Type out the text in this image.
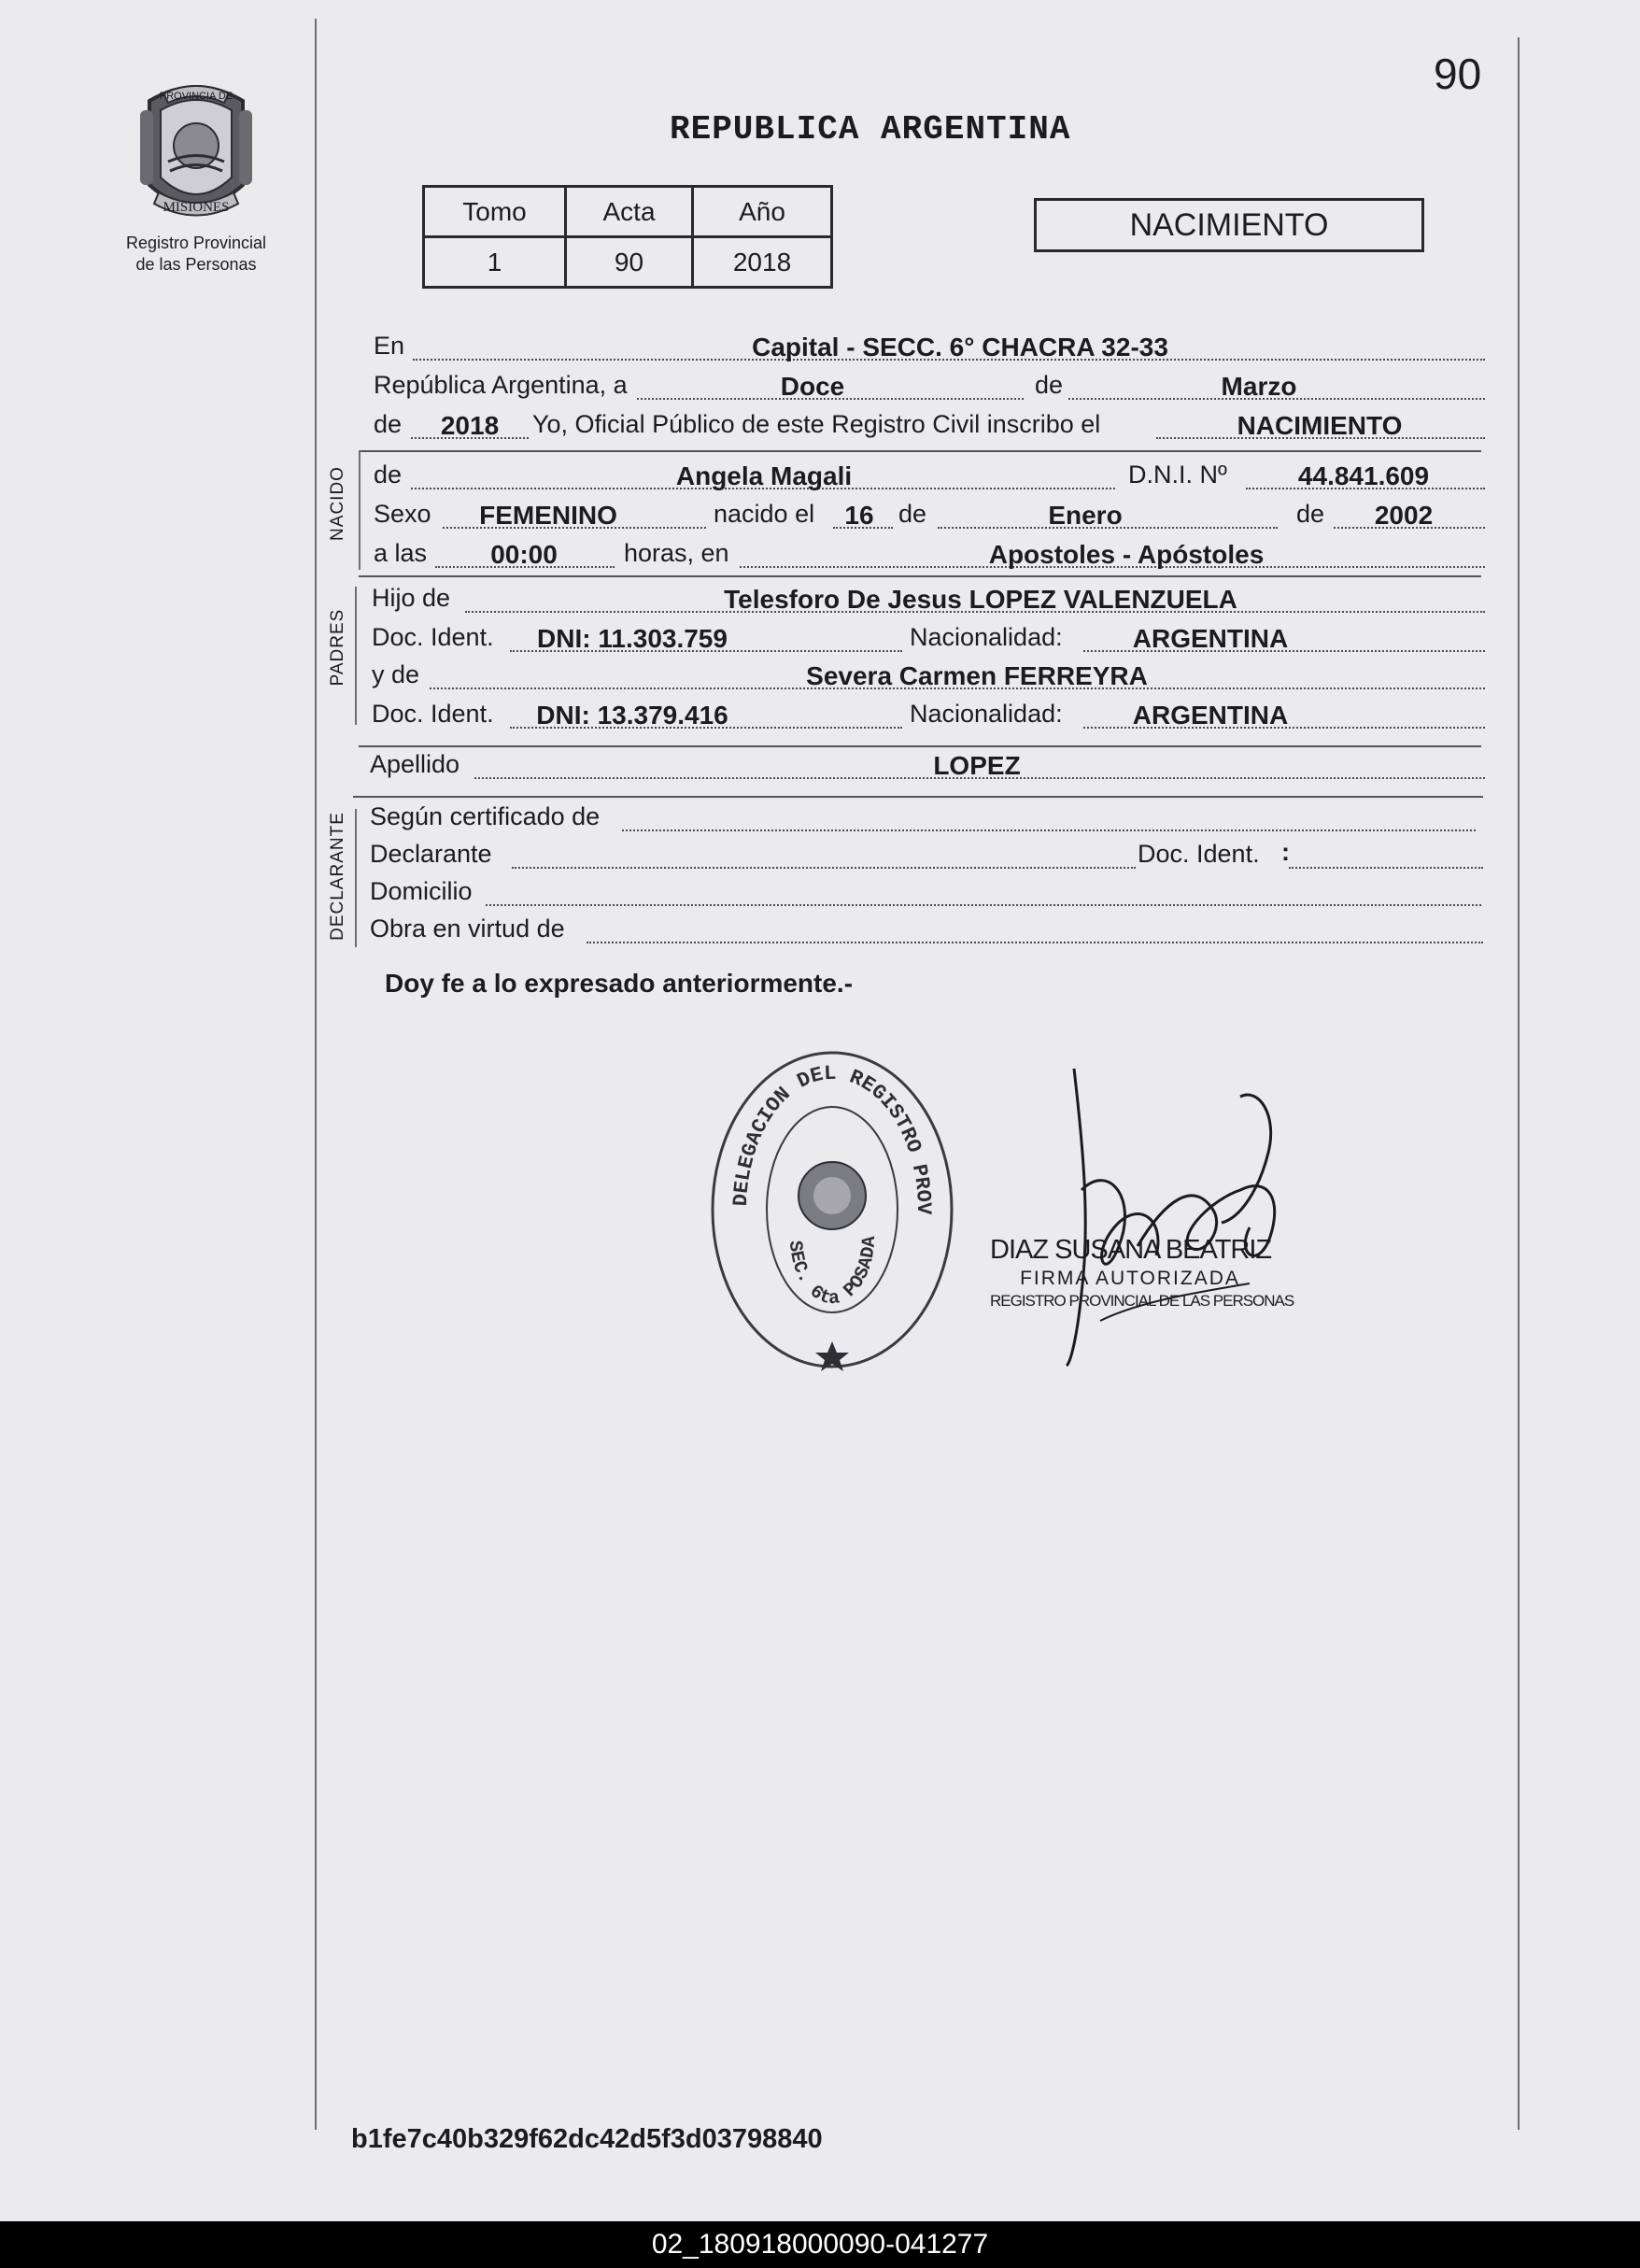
90
PROVINCIA DE
MISIONES
Registro Provincial
de las Personas
REPUBLICA ARGENTINA
Tomo	Acta	Año
1	90	2018
NACIMIENTO
En	Capital - SECC. 6° CHACRA 32-33
República Argentina, a	Doce	de	Marzo
de 2018 Yo, Oficial Público de este Registro Civil inscribo el	NACIMIENTO
NACIDO de	Angela Magali	D.N.I. Nº	44.841.609
Sexo FEMENINO	nacido el 16 de	Enero	de 2002
a las 00:00	horas, en	Apostoles - Apóstoles
PADRES
Hijo de	Telesforo De Jesus LOPEZ VALENZUELA
Doc. Ident. DNI: 11.303.759	Nacionalidad:	ARGENTINA
y de	Severa Carmen FERREYRA
Doc. Ident. DNI: 13.379.416	Nacionalidad:	ARGENTINA
Apellido	LOPEZ
DECLARANTE Según certificado de
Declarante	Doc. Ident. :
Domicilio
Obra en virtud de
Doy fe a lo expresado anteriormente.-
DELEGACION DEL REGISTRO PROV
SEC. 6ta POSADA	DIAZ SUSANA BEATRIZ
FIRMA AUTORIZADA
REGISTRO PROVINCIAL DE LAS PERSONAS
b1fe7c40b329f62dc42d5f3d03798840
02_180918000090-041277
